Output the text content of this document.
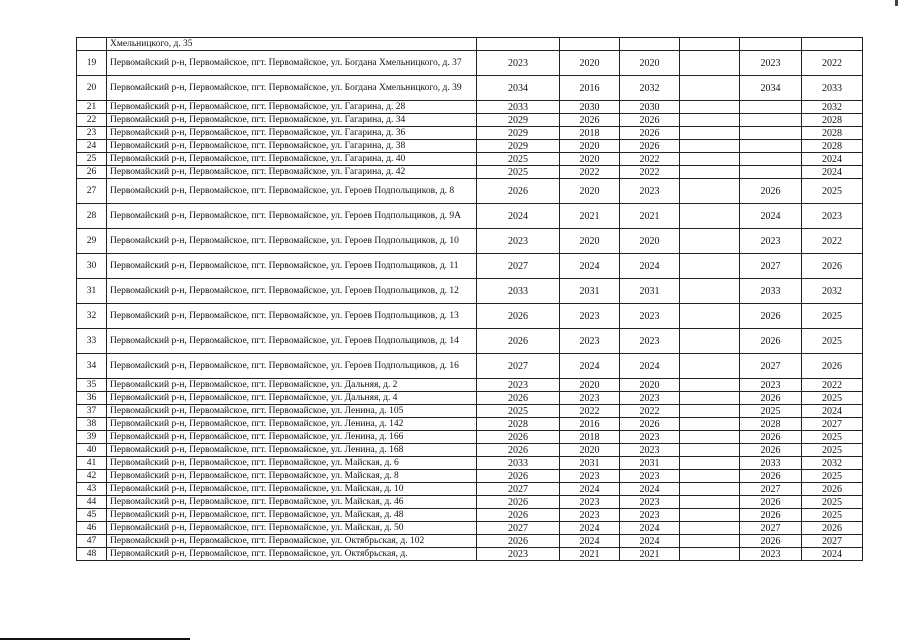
	Хмельницкого, д. 35						
19	Первомайский р-н, Первомайское, пгт. Первомайское, ул. Богдана Хмельницкого, д. 37	2023	2020	2020		2023	2022
20	Первомайский р-н, Первомайское, пгт. Первомайское, ул. Богдана Хмельницкого, д. 39	2034	2016	2032		2034	2033
21	Первомайский р-н, Первомайское, пгт. Первомайское, ул. Гагарина, д. 28	2033	2030	2030			2032
22	Первомайский р-н, Первомайское, пгт. Первомайское, ул. Гагарина, д. 34	2029	2026	2026			2028
23	Первомайский р-н, Первомайское, пгт. Первомайское, ул. Гагарина, д. 36	2029	2018	2026			2028
24	Первомайский р-н, Первомайское, пгт. Первомайское, ул. Гагарина, д. 38	2029	2020	2026			2028
25	Первомайский р-н, Первомайское, пгт. Первомайское, ул. Гагарина, д. 40	2025	2020	2022			2024
26	Первомайский р-н, Первомайское, пгт. Первомайское, ул. Гагарина, д. 42	2025	2022	2022			2024
27	Первомайский р-н, Первомайское, пгт. Первомайское, ул. Героев Подпольщиков, д. 8	2026	2020	2023		2026	2025
28	Первомайский р-н, Первомайское, пгт. Первомайское, ул. Героев Подпольщиков, д. 9А	2024	2021	2021		2024	2023
29	Первомайский р-н, Первомайское, пгт. Первомайское, ул. Героев Подпольщиков, д. 10	2023	2020	2020		2023	2022
30	Первомайский р-н, Первомайское, пгт. Первомайское, ул. Героев Подпольщиков, д. 11	2027	2024	2024		2027	2026
31	Первомайский р-н, Первомайское, пгт. Первомайское, ул. Героев Подпольщиков, д. 12	2033	2031	2031		2033	2032
32	Первомайский р-н, Первомайское, пгт. Первомайское, ул. Героев Подпольщиков, д. 13	2026	2023	2023		2026	2025
33	Первомайский р-н, Первомайское, пгт. Первомайское, ул. Героев Подпольщиков, д. 14	2026	2023	2023		2026	2025
34	Первомайский р-н, Первомайское, пгт. Первомайское, ул. Героев Подпольщиков, д. 16	2027	2024	2024		2027	2026
35	Первомайский р-н, Первомайское, пгт. Первомайское, ул. Дальняя, д. 2	2023	2020	2020		2023	2022
36	Первомайский р-н, Первомайское, пгт. Первомайское, ул. Дальняя, д. 4	2026	2023	2023		2026	2025
37	Первомайский р-н, Первомайское, пгт. Первомайское, ул. Ленина, д. 105	2025	2022	2022		2025	2024
38	Первомайский р-н, Первомайское, пгт. Первомайское, ул. Ленина, д. 142	2028	2016	2026		2028	2027
39	Первомайский р-н, Первомайское, пгт. Первомайское, ул. Ленина, д. 166	2026	2018	2023		2026	2025
40	Первомайский р-н, Первомайское, пгт. Первомайское, ул. Ленина, д. 168	2026	2020	2023		2026	2025
41	Первомайский р-н, Первомайское, пгт. Первомайское, ул. Майская, д. 6	2033	2031	2031		2033	2032
42	Первомайский р-н, Первомайское, пгт. Первомайское, ул. Майская, д. 8	2026	2023	2023		2026	2025
43	Первомайский р-н, Первомайское, пгт. Первомайское, ул. Майская, д. 10	2027	2024	2024		2027	2026
44	Первомайский р-н, Первомайское, пгт. Первомайское, ул. Майская, д. 46	2026	2023	2023		2026	2025
45	Первомайский р-н, Первомайское, пгт. Первомайское, ул. Майская, д. 48	2026	2023	2023		2026	2025
46	Первомайский р-н, Первомайское, пгт. Первомайское, ул. Майская, д. 50	2027	2024	2024		2027	2026
47	Первомайский р-н, Первомайское, пгт. Первомайское, ул. Октябрьская, д. 102	2026	2024	2024		2026	2027
48	Первомайский р-н, Первомайское, пгт. Первомайское, ул. Октябрьская, д.	2023	2021	2021		2023	2024
